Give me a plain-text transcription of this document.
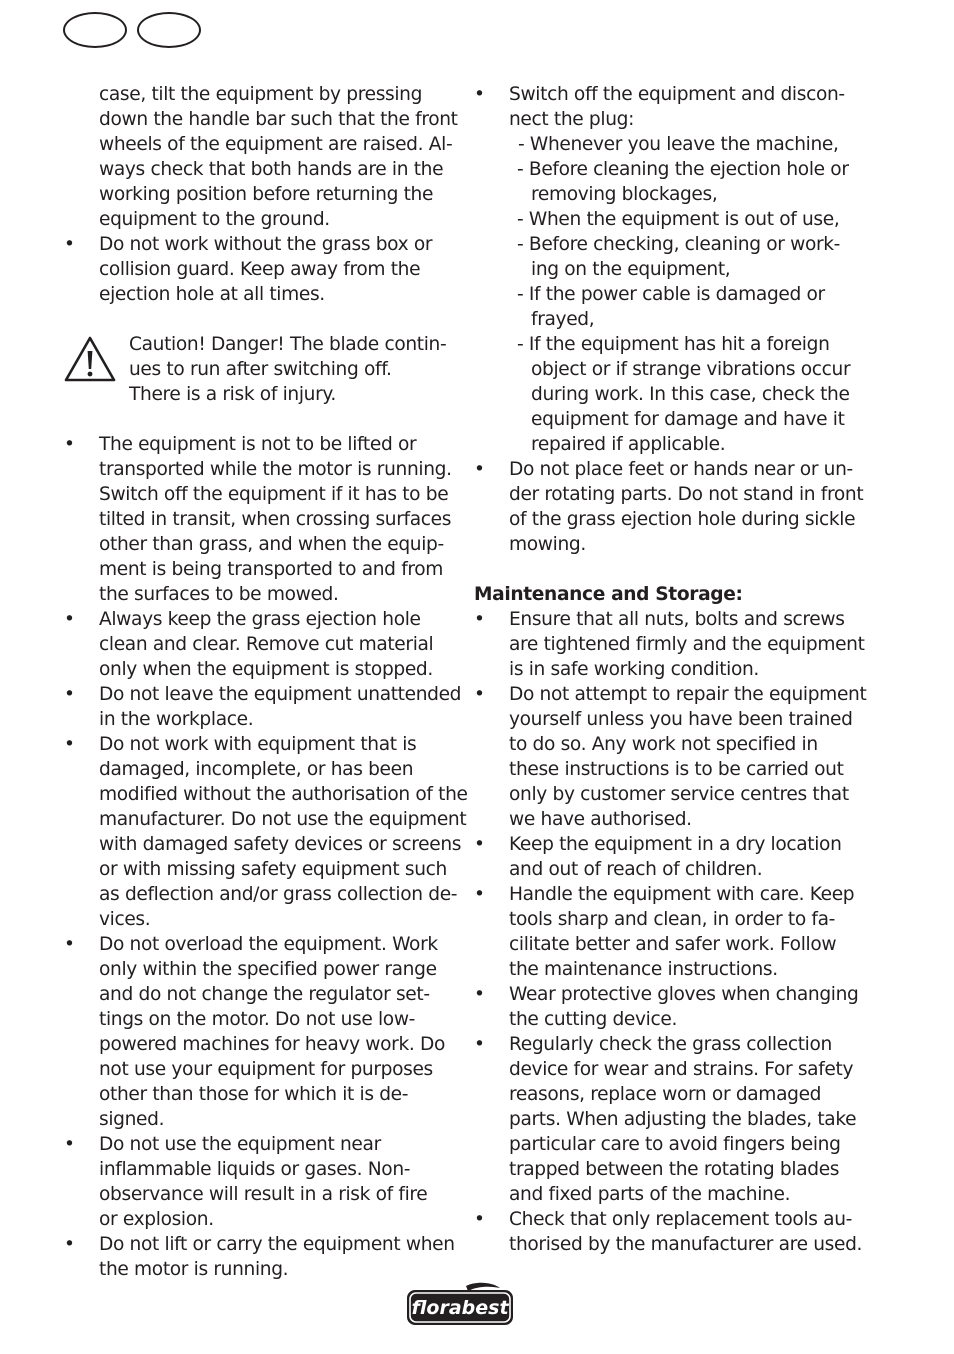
case, tilt the equipment by pressing
down the handle bar such that the front
wheels of the equipment are raised. Al-
ways check that both hands are in the
working position before returning the
equipment to the ground.
•	Do not work without the grass box or
collision guard. Keep away from the
ejection hole at all times.
Caution! Danger! The blade contin-
ues to run after switching off.
There is a risk of injury.
•	The equipment is not to be lifted or
transported while the motor is running.
Switch off the equipment if it has to be
tilted in transit, when crossing surfaces
other than grass, and when the equip-
ment is being transported to and from
the surfaces to be mowed.
•	Always keep the grass ejection hole
clean and clear. Remove cut material
only when the equipment is stopped.
•	Do not leave the equipment unattended
in the workplace.
•	Do not work with equipment that is
damaged, incomplete, or has been
modified without the authorisation of the
manufacturer. Do not use the equipment
with damaged safety devices or screens
or with missing safety equipment such
as deflection and/or grass collection de-
vices.
•	Do not overload the equipment. Work
only within the specified power range
and do not change the regulator set-
tings on the motor. Do not use low-
powered machines for heavy work. Do
not use your equipment for purposes
other than those for which it is de-
signed.
•	Do not use the equipment near
inflammable liquids or gases. Non-
observance will result in a risk of fire
or explosion.
•	Do not lift or carry the equipment when
the motor is running.
•	Switch off the equipment and discon-
nect the plug:
- Whenever you leave the machine,
- Before cleaning the ejection hole or
removing blockages,
- When the equipment is out of use,
- Before checking, cleaning or work-
ing on the equipment,
- If the power cable is damaged or
frayed,
- If the equipment has hit a foreign
object or if strange vibrations occur
during work. In this case, check the
equipment for damage and have it
repaired if applicable.
•	Do not place feet or hands near or un-
der rotating parts. Do not stand in front
of the grass ejection hole during sickle
mowing.
Maintenance and Storage:
•	Ensure that all nuts, bolts and screws
are tightened firmly and the equipment
is in safe working condition.
•	Do not attempt to repair the equipment
yourself unless you have been trained
to do so. Any work not specified in
these instructions is to be carried out
only by customer service centres that
we have authorised.
•	Keep the equipment in a dry location
and out of reach of children.
•	Handle the equipment with care. Keep
tools sharp and clean, in order to fa-
cilitate better and safer work. Follow
the maintenance instructions.
•	Wear protective gloves when changing
the cutting device.
•	Regularly check the grass collection
device for wear and strains. For safety
reasons, replace worn or damaged
parts. When adjusting the blades, take
particular care to avoid fingers being
trapped between the rotating blades
and fixed parts of the machine.
•	Check that only replacement tools au-
thorised by the manufacturer are used.
florabest
